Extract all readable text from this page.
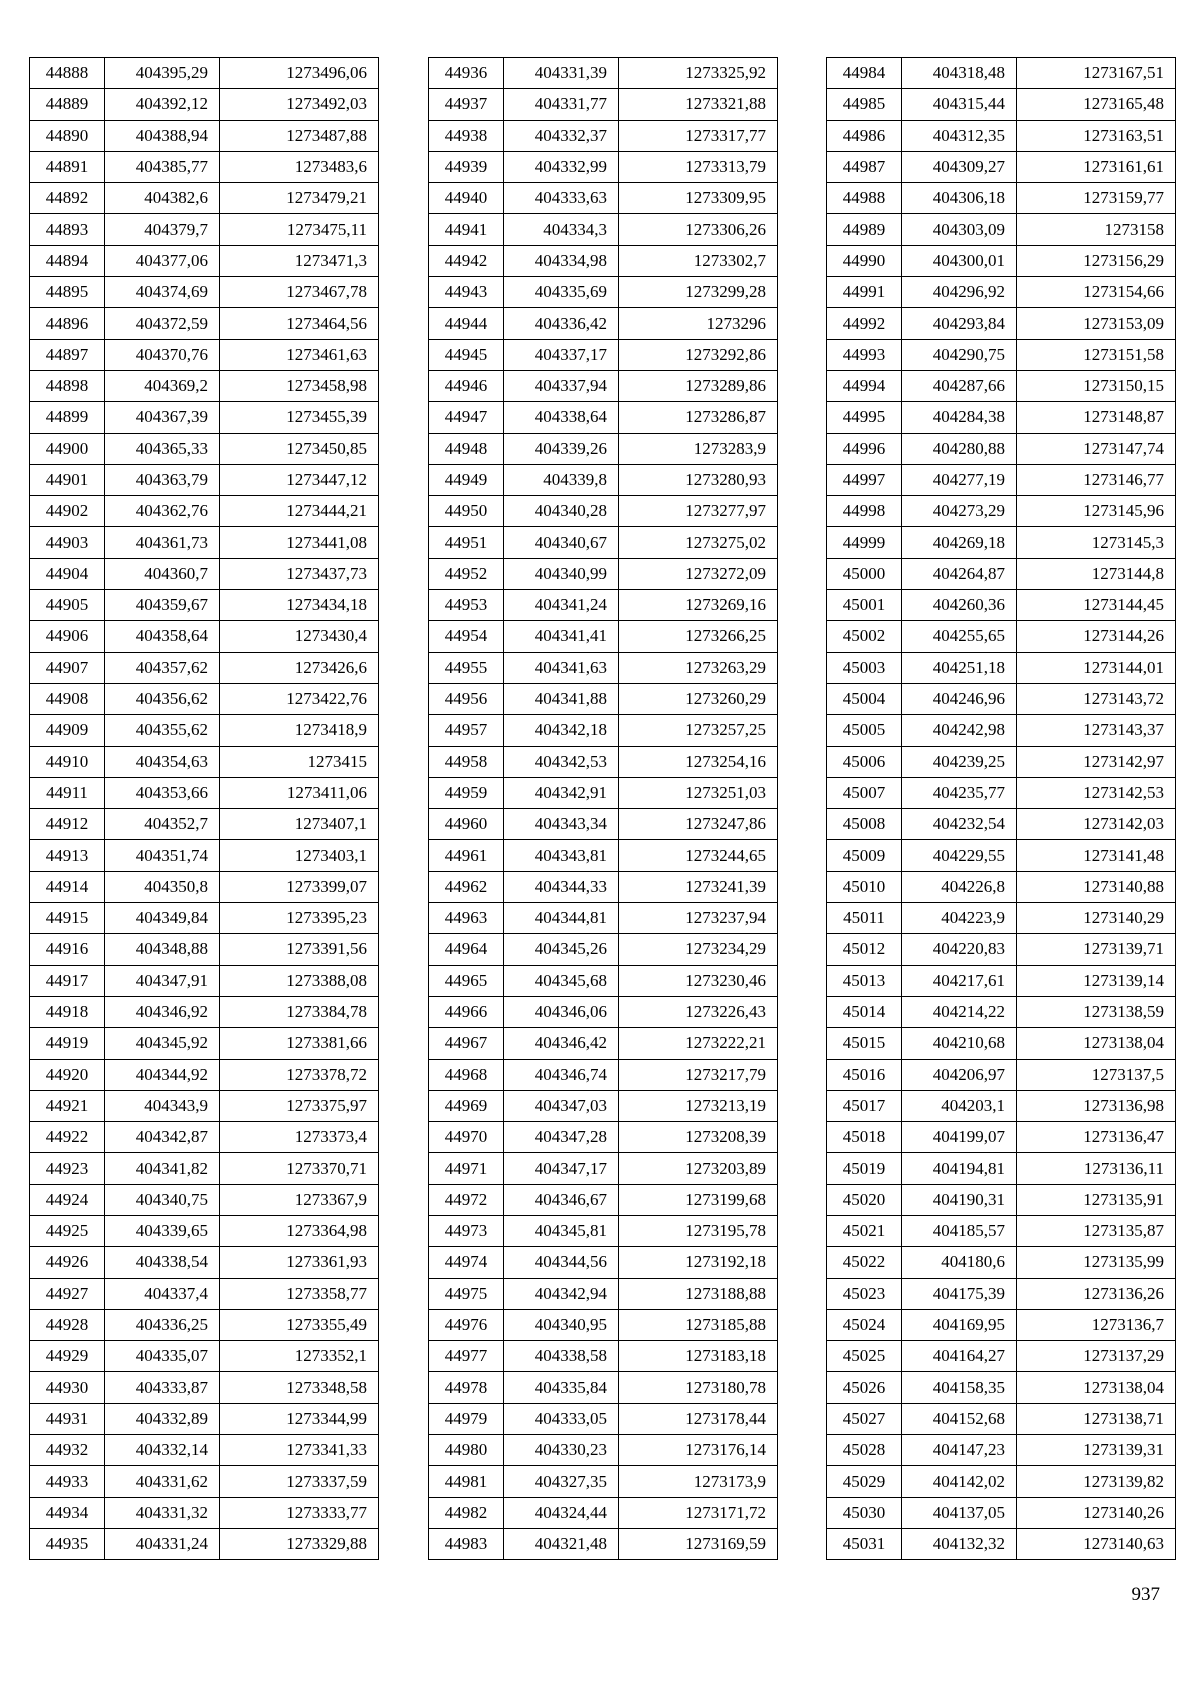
44888	404395,29	1273496,06
44889	404392,12	1273492,03
44890	404388,94	1273487,88
44891	404385,77	1273483,6
44892	404382,6	1273479,21
44893	404379,7	1273475,11
44894	404377,06	1273471,3
44895	404374,69	1273467,78
44896	404372,59	1273464,56
44897	404370,76	1273461,63
44898	404369,2	1273458,98
44899	404367,39	1273455,39
44900	404365,33	1273450,85
44901	404363,79	1273447,12
44902	404362,76	1273444,21
44903	404361,73	1273441,08
44904	404360,7	1273437,73
44905	404359,67	1273434,18
44906	404358,64	1273430,4
44907	404357,62	1273426,6
44908	404356,62	1273422,76
44909	404355,62	1273418,9
44910	404354,63	1273415
44911	404353,66	1273411,06
44912	404352,7	1273407,1
44913	404351,74	1273403,1
44914	404350,8	1273399,07
44915	404349,84	1273395,23
44916	404348,88	1273391,56
44917	404347,91	1273388,08
44918	404346,92	1273384,78
44919	404345,92	1273381,66
44920	404344,92	1273378,72
44921	404343,9	1273375,97
44922	404342,87	1273373,4
44923	404341,82	1273370,71
44924	404340,75	1273367,9
44925	404339,65	1273364,98
44926	404338,54	1273361,93
44927	404337,4	1273358,77
44928	404336,25	1273355,49
44929	404335,07	1273352,1
44930	404333,87	1273348,58
44931	404332,89	1273344,99
44932	404332,14	1273341,33
44933	404331,62	1273337,59
44934	404331,32	1273333,77
44935	404331,24	1273329,88
44936	404331,39	1273325,92
44937	404331,77	1273321,88
44938	404332,37	1273317,77
44939	404332,99	1273313,79
44940	404333,63	1273309,95
44941	404334,3	1273306,26
44942	404334,98	1273302,7
44943	404335,69	1273299,28
44944	404336,42	1273296
44945	404337,17	1273292,86
44946	404337,94	1273289,86
44947	404338,64	1273286,87
44948	404339,26	1273283,9
44949	404339,8	1273280,93
44950	404340,28	1273277,97
44951	404340,67	1273275,02
44952	404340,99	1273272,09
44953	404341,24	1273269,16
44954	404341,41	1273266,25
44955	404341,63	1273263,29
44956	404341,88	1273260,29
44957	404342,18	1273257,25
44958	404342,53	1273254,16
44959	404342,91	1273251,03
44960	404343,34	1273247,86
44961	404343,81	1273244,65
44962	404344,33	1273241,39
44963	404344,81	1273237,94
44964	404345,26	1273234,29
44965	404345,68	1273230,46
44966	404346,06	1273226,43
44967	404346,42	1273222,21
44968	404346,74	1273217,79
44969	404347,03	1273213,19
44970	404347,28	1273208,39
44971	404347,17	1273203,89
44972	404346,67	1273199,68
44973	404345,81	1273195,78
44974	404344,56	1273192,18
44975	404342,94	1273188,88
44976	404340,95	1273185,88
44977	404338,58	1273183,18
44978	404335,84	1273180,78
44979	404333,05	1273178,44
44980	404330,23	1273176,14
44981	404327,35	1273173,9
44982	404324,44	1273171,72
44983	404321,48	1273169,59
44984	404318,48	1273167,51
44985	404315,44	1273165,48
44986	404312,35	1273163,51
44987	404309,27	1273161,61
44988	404306,18	1273159,77
44989	404303,09	1273158
44990	404300,01	1273156,29
44991	404296,92	1273154,66
44992	404293,84	1273153,09
44993	404290,75	1273151,58
44994	404287,66	1273150,15
44995	404284,38	1273148,87
44996	404280,88	1273147,74
44997	404277,19	1273146,77
44998	404273,29	1273145,96
44999	404269,18	1273145,3
45000	404264,87	1273144,8
45001	404260,36	1273144,45
45002	404255,65	1273144,26
45003	404251,18	1273144,01
45004	404246,96	1273143,72
45005	404242,98	1273143,37
45006	404239,25	1273142,97
45007	404235,77	1273142,53
45008	404232,54	1273142,03
45009	404229,55	1273141,48
45010	404226,8	1273140,88
45011	404223,9	1273140,29
45012	404220,83	1273139,71
45013	404217,61	1273139,14
45014	404214,22	1273138,59
45015	404210,68	1273138,04
45016	404206,97	1273137,5
45017	404203,1	1273136,98
45018	404199,07	1273136,47
45019	404194,81	1273136,11
45020	404190,31	1273135,91
45021	404185,57	1273135,87
45022	404180,6	1273135,99
45023	404175,39	1273136,26
45024	404169,95	1273136,7
45025	404164,27	1273137,29
45026	404158,35	1273138,04
45027	404152,68	1273138,71
45028	404147,23	1273139,31
45029	404142,02	1273139,82
45030	404137,05	1273140,26
45031	404132,32	1273140,63
937
